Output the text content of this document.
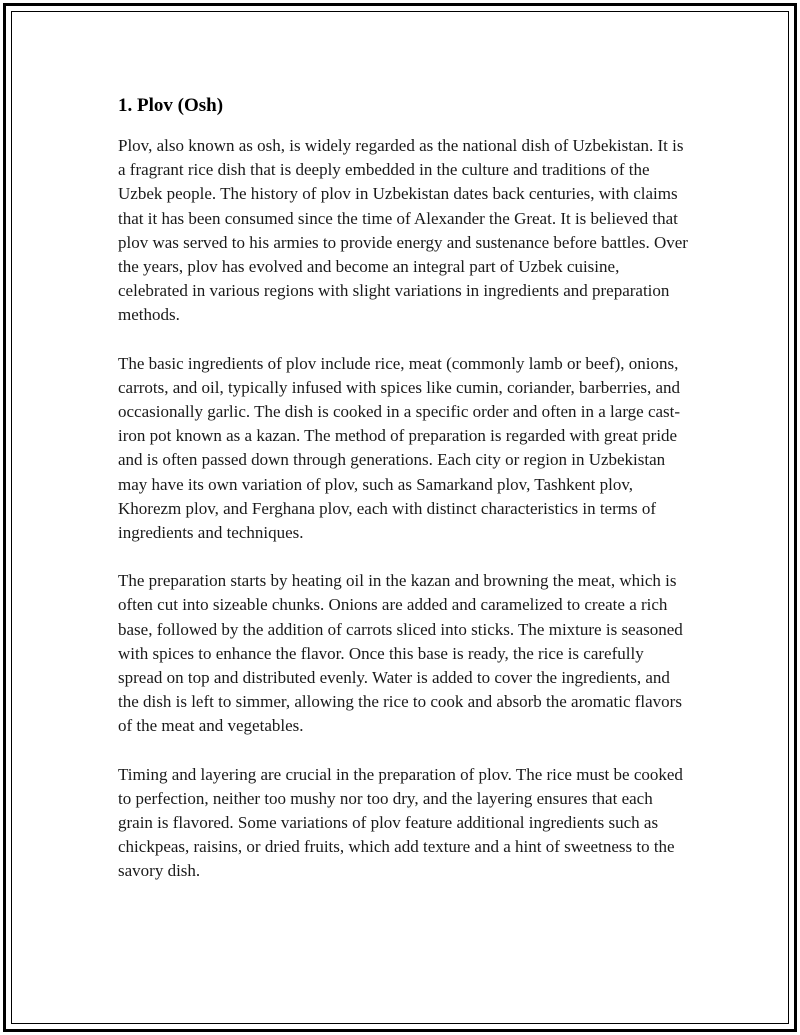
1. Plov (Osh)

Plov, also known as osh, is widely regarded as the national dish of Uzbekistan. It is a fragrant rice dish that is deeply embedded in the culture and traditions of the Uzbek people. The history of plov in Uzbekistan dates back centuries, with claims that it has been consumed since the time of Alexander the Great. It is believed that plov was served to his armies to provide energy and sustenance before battles. Over the years, plov has evolved and become an integral part of Uzbek cuisine, celebrated in various regions with slight variations in ingredients and preparation methods.

The basic ingredients of plov include rice, meat (commonly lamb or beef), onions, carrots, and oil, typically infused with spices like cumin, coriander, barberries, and occasionally garlic. The dish is cooked in a specific order and often in a large cast-iron pot known as a kazan. The method of preparation is regarded with great pride and is often passed down through generations. Each city or region in Uzbekistan may have its own variation of plov, such as Samarkand plov, Tashkent plov, Khorezm plov, and Ferghana plov, each with distinct characteristics in terms of ingredients and techniques.

The preparation starts by heating oil in the kazan and browning the meat, which is often cut into sizeable chunks. Onions are added and caramelized to create a rich base, followed by the addition of carrots sliced into sticks. The mixture is seasoned with spices to enhance the flavor. Once this base is ready, the rice is carefully spread on top and distributed evenly. Water is added to cover the ingredients, and the dish is left to simmer, allowing the rice to cook and absorb the aromatic flavors of the meat and vegetables.

Timing and layering are crucial in the preparation of plov. The rice must be cooked to perfection, neither too mushy nor too dry, and the layering ensures that each grain is flavored. Some variations of plov feature additional ingredients such as chickpeas, raisins, or dried fruits, which add texture and a hint of sweetness to the savory dish.
